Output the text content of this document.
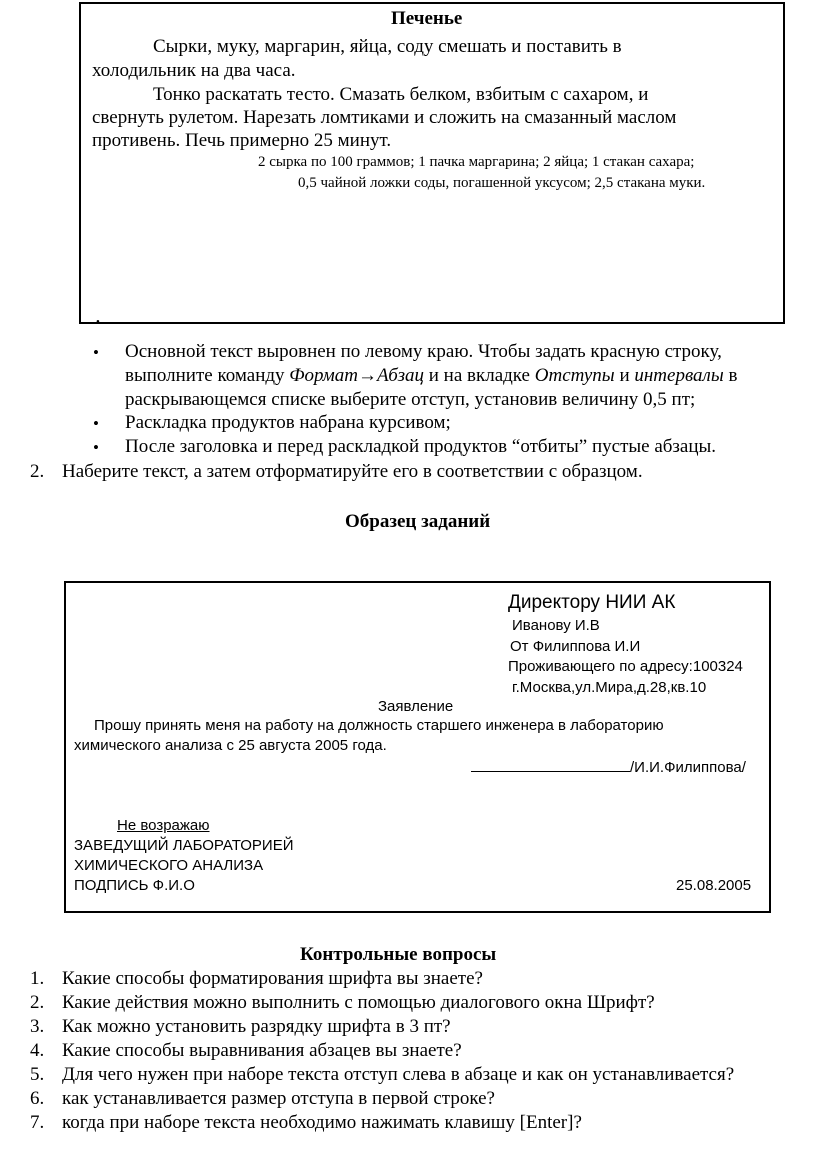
Печенье
Сырки, муку, маргарин, яйца, соду смешать и поставить в
холодильник на два часа.
Тонко раскатать тесто. Смазать белком, взбитым с сахаром, и
свернуть рулетом. Нарезать ломтиками и сложить на смазанный маслом
противень. Печь примерно 25 минут.
2 сырка по 100 граммов; 1 пачка маргарина; 2 яйца; 1 стакан сахара;
0,5 чайной ложки соды, погашенной уксусом; 2,5 стакана муки.
•
• Основной текст выровнен по левому краю. Чтобы задать красную строку,
выполните команду Формат→Абзац и на вкладке Отступы и интервалы в
раскрывающемся списке выберите отступ, установив величину 0,5 пт;
• Раскладка продуктов набрана курсивом;
• После заголовка и перед раскладкой продуктов “отбиты” пустые абзацы.
2. Наберите текст, а затем отформатируйте его в соответствии с образцом.
Образец заданий
Директору НИИ АК
Иванову И.В
От Филиппова И.И
Проживающего по адресу:100324
г.Москва,ул.Мира,д.28,кв.10
Заявление
Прошу принять меня на работу на должность старшего инженера в лабораторию
химического анализа с 25 августа 2005 года.
/И.И.Филиппова/
Не возражаю
ЗАВЕДУЩИЙ ЛАБОРАТОРИЕЙ
ХИМИЧЕСКОГО АНАЛИЗА
ПОДПИСЬ Ф.И.О	25.08.2005
Контрольные вопросы
1. Какие способы форматирования шрифта вы знаете?
2. Какие действия можно выполнить с помощью диалогового окна Шрифт?
3. Как можно установить разрядку шрифта в 3 пт?
4. Какие способы выравнивания абзацев вы знаете?
5. Для чего нужен при наборе текста отступ слева в абзаце и как он устанавливается?
6. как устанавливается размер отступа в первой строке?
7. когда при наборе текста необходимо нажимать клавишу [Enter]?
